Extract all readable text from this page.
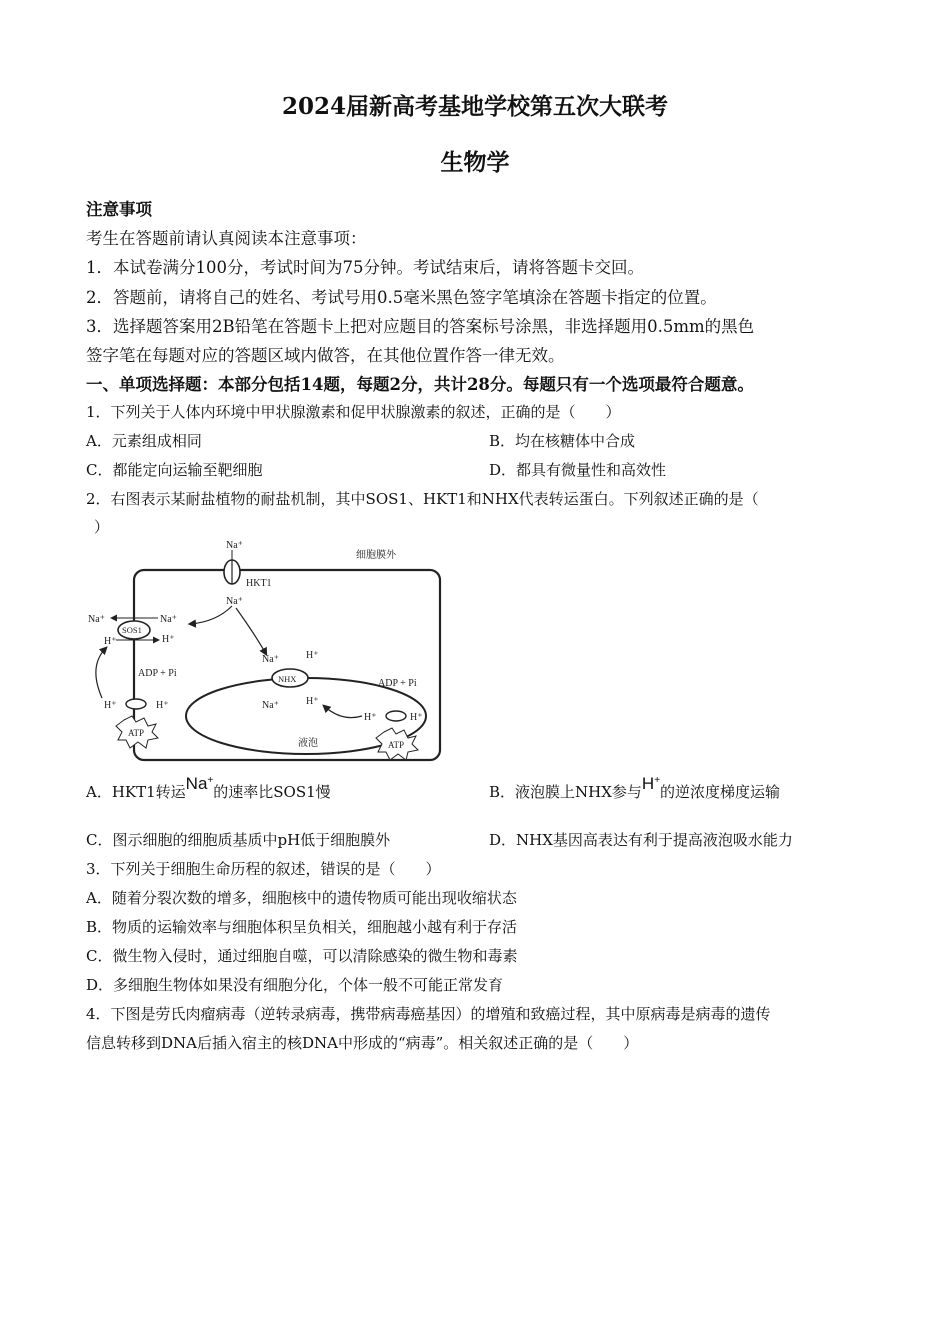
2024届新高考基地学校第五次大联考
生物学
注意事项
考生在答题前请认真阅读本注意事项：
1．本试卷满分100分，考试时间为75分钟。考试结束后，请将答题卡交回。
2．答题前，请将自己的姓名、考试号用0.5毫米黑色签字笔填涂在答题卡指定的位置。
3．选择题答案用2B铅笔在答题卡上把对应题目的答案标号涂黑，非选择题用0.5mm的黑色
签字笔在每题对应的答题区域内做答，在其他位置作答一律无效。
一、单项选择题：本部分包括14题，每题2分，共计28分。每题只有一个选项最符合题意。
1．下列关于人体内环境中甲状腺激素和促甲状腺激素的叙述，正确的是（　　）
A．元素组成相同	B．均在核糖体中合成
C．都能定向运输至靶细胞	D．都具有微量性和高效性
2．右图表示某耐盐植物的耐盐机制，其中SOS1、HKT1和NHX代表转运蛋白。下列叙述正确的是（
）
细胞膜外
Na⁺
HKT1
Na⁺
SOS1
Na⁺	Na⁺
H⁺	H⁺
ADP + Pi
H⁺	H⁺
ATP
液泡
NHX
Na⁺
Na⁺
H⁺
H⁺
ADP + Pi
H⁺	H⁺
ATP
A．HKT1转运Na+的速率比SOS1慢	B．液泡膜上NHX参与H+的逆浓度梯度运输
C．图示细胞的细胞质基质中pH低于细胞膜外	D．NHX基因高表达有利于提高液泡吸水能力
3．下列关于细胞生命历程的叙述，错误的是（　　）
A．随着分裂次数的增多，细胞核中的遗传物质可能出现收缩状态
B．物质的运输效率与细胞体积呈负相关，细胞越小越有利于存活
C．微生物入侵时，通过细胞自噬，可以清除感染的微生物和毒素
D．多细胞生物体如果没有细胞分化，个体一般不可能正常发育
4．下图是劳氏肉瘤病毒（逆转录病毒，携带病毒癌基因）的增殖和致癌过程，其中原病毒是病毒的遗传
信息转移到DNA后插入宿主的核DNA中形成的“病毒”。相关叙述正确的是（　　）
